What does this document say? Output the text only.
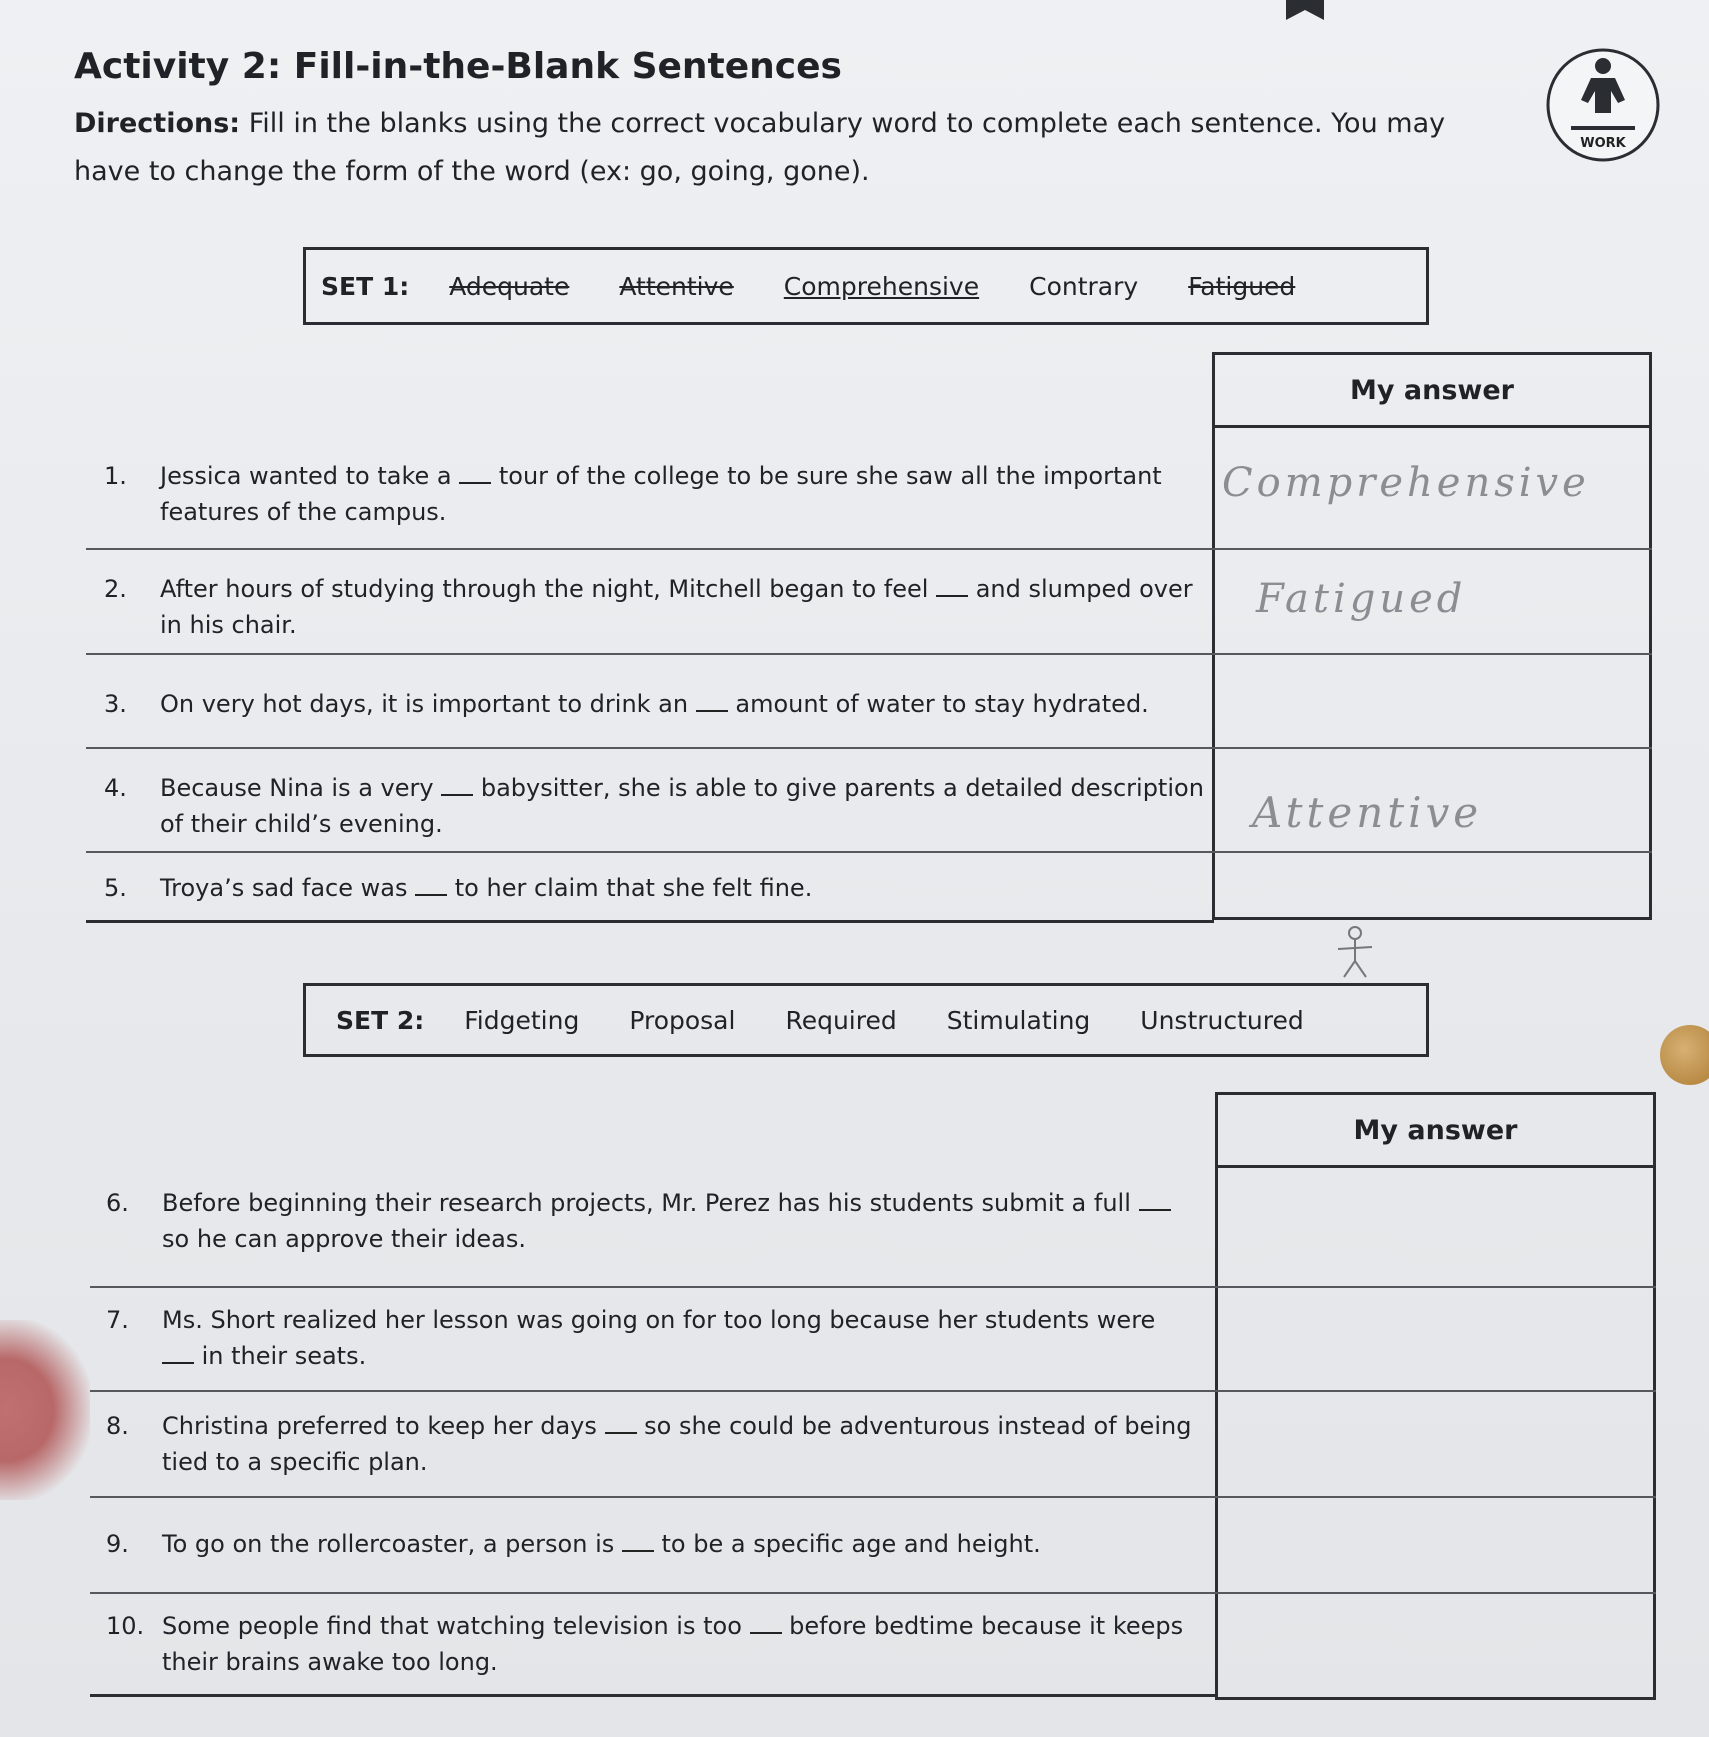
Activity 2: Fill-in-the-Blank Sentences
Directions: Fill in the blanks using the correct vocabulary word to complete each sentence. You may have to change the form of the word (ex: go, going, gone).
WORK
SET 1: Adequate Attentive Comprehensive Contrary Fatigued
My answer
1. Jessica wanted to take a  tour of the college to be sure she saw all the important
features of the campus.
Comprehensive
2. After hours of studying through the night, Mitchell began to feel  and slumped over
in his chair.
Fatigued
3. On very hot days, it is important to drink an  amount of water to stay hydrated.
4. Because Nina is a very  babysitter, she is able to give parents a detailed description
of their child’s evening.	Attentive
5. Troya’s sad face was  to her claim that she felt fine.
SET 2: Fidgeting Proposal Required Stimulating Unstructured
My answer
6. Before beginning their research projects, Mr. Perez has his students submit a full
so he can approve their ideas.
7. Ms. Short realized her lesson was going on for too long because her students were
in their seats.
8. Christina preferred to keep her days  so she could be adventurous instead of being
tied to a specific plan.
9. To go on the rollercoaster, a person is  to be a specific age and height.
10. Some people find that watching television is too  before bedtime because it keeps
their brains awake too long.
